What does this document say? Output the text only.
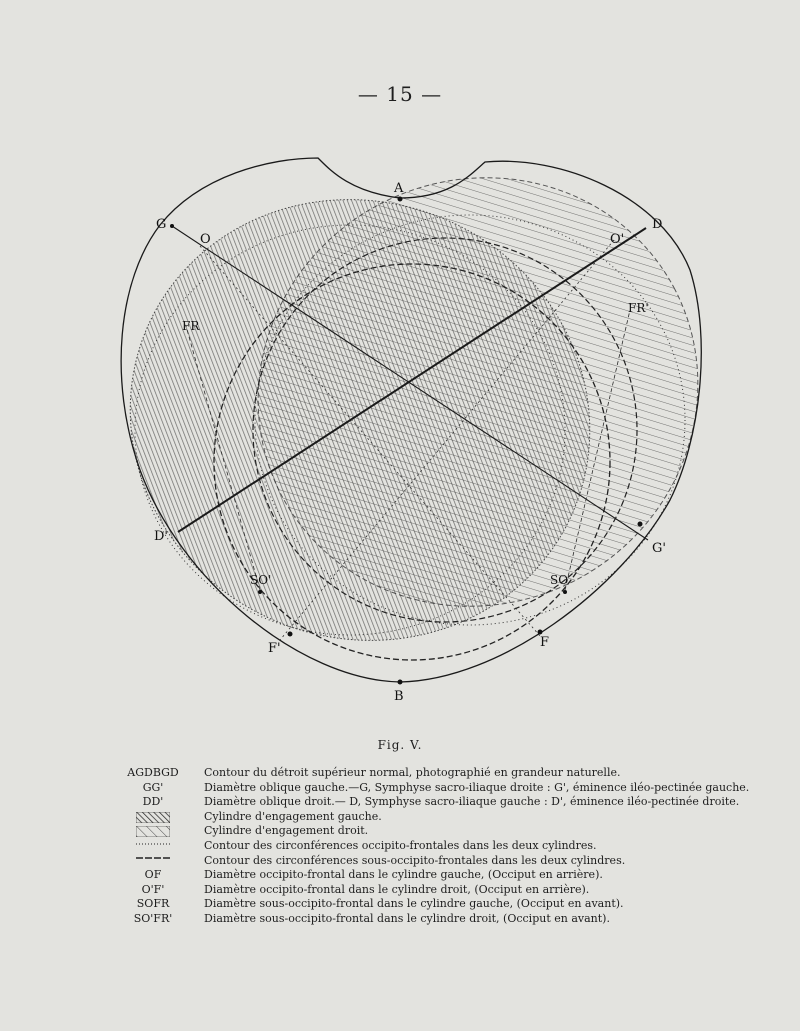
— 15 —
A
G
O	O'
D
FR
FR'
D'
G'
SO'	SO
F'	F
B
Fig. V.
AGDBGD	Contour du détroit supérieur normal, photographié en grandeur naturelle.
GG'	Diamètre oblique gauche.—G, Symphyse sacro-iliaque droite : G', éminence iléo-pectinée gauche.
DD'	Diamètre oblique droit.— D, Symphyse sacro-iliaque gauche : D', éminence iléo-pectinée droite.
Cylindre d'engagement gauche.
Cylindre d'engagement droit.
Contour des circonférences occipito-frontales dans les deux cylindres.
Contour des circonférences sous-occipito-frontales dans les deux cylindres.
OF	Diamètre occipito-frontal dans le cylindre gauche, (Occiput en arrière).
O'F'	Diamètre occipito-frontal dans le cylindre droit, (Occiput en arrière).
SOFR	Diamètre sous-occipito-frontal dans le cylindre gauche, (Occiput en avant).
SO'FR'	Diamètre sous-occipito-frontal dans le cylindre droit, (Occiput en avant).
